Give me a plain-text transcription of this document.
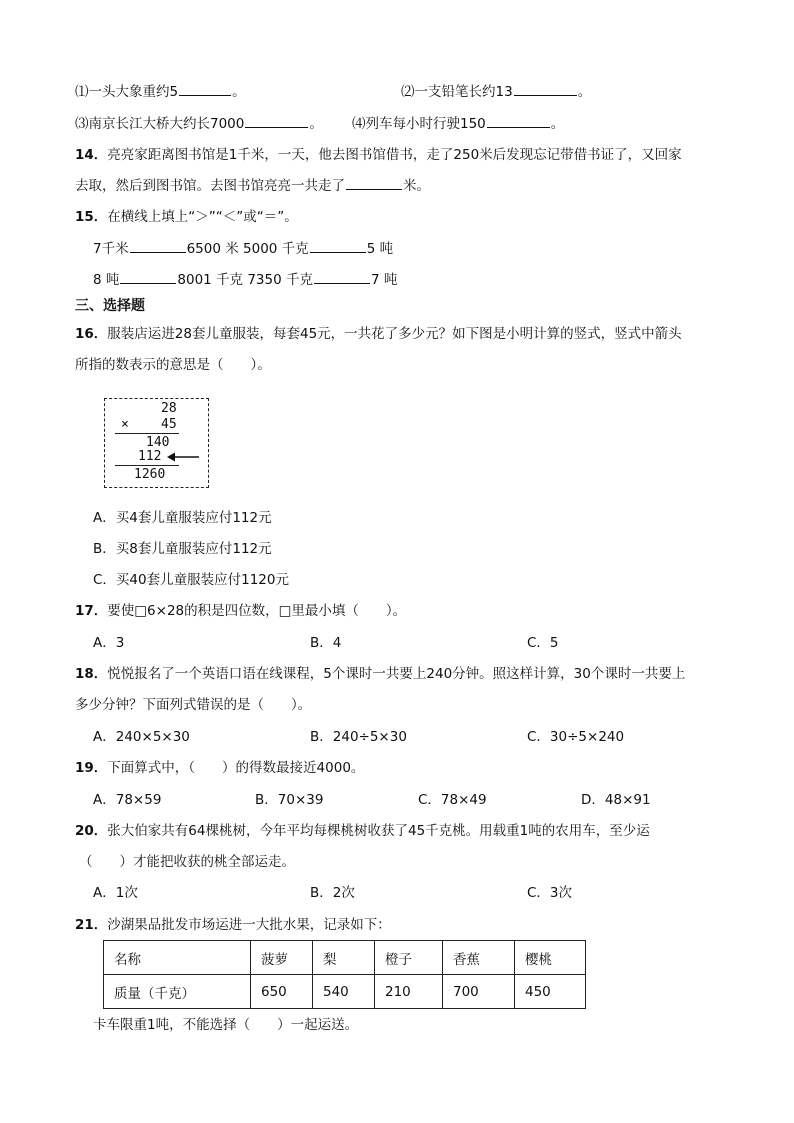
⑴一头大象重约5	。	⑵一支铅笔长约13	。
⑶南京长江大桥大约长7000	。 ⑷列车每小时行驶150	。
14．亮亮家距离图书馆是1千米，一天，他去图书馆借书，走了250米后发现忘记带借书证了，又回家
去取，然后到图书馆。去图书馆亮亮一共走了	米。
15．在横线上填上“＞”“＜”或“＝”。
7千米	6500 米 5000 千克	5 吨
8 吨	8001 千克 7350 千克	7 吨
三、选择题
16．服装店运进28套儿童服装，每套45元，一共花了多少元？如下图是小明计算的竖式，竖式中箭头
所指的数表示的意思是（　　）。
28
× 45
140
112
1260
A．买4套儿童服装应付112元
B．买8套儿童服装应付112元
C．买40套儿童服装应付1120元
17．要使□6×28的积是四位数，□里最小填（　　）。
A．3	B．4	C．5
18．悦悦报名了一个英语口语在线课程，5个课时一共要上240分钟。照这样计算，30个课时一共要上
多少分钟？下面列式错误的是（　　）。
A．240×5×30	B．240÷5×30	C．30÷5×240
19．下面算式中，（　　）的得数最接近4000。
A．78×59	B．70×39	C．78×49	D．48×91
20．张大伯家共有64棵桃树，今年平均每棵桃树收获了45千克桃。用载重1吨的农用车，至少运
（　　）才能把收获的桃全部运走。
A．1次	B．2次	C．3次
21．沙湖果品批发市场运进一大批水果，记录如下：
名称	菠萝	梨	橙子	香蕉	樱桃
质量（千克）	650	540	210	700	450
卡车限重1吨，不能选择（　　）一起运送。
